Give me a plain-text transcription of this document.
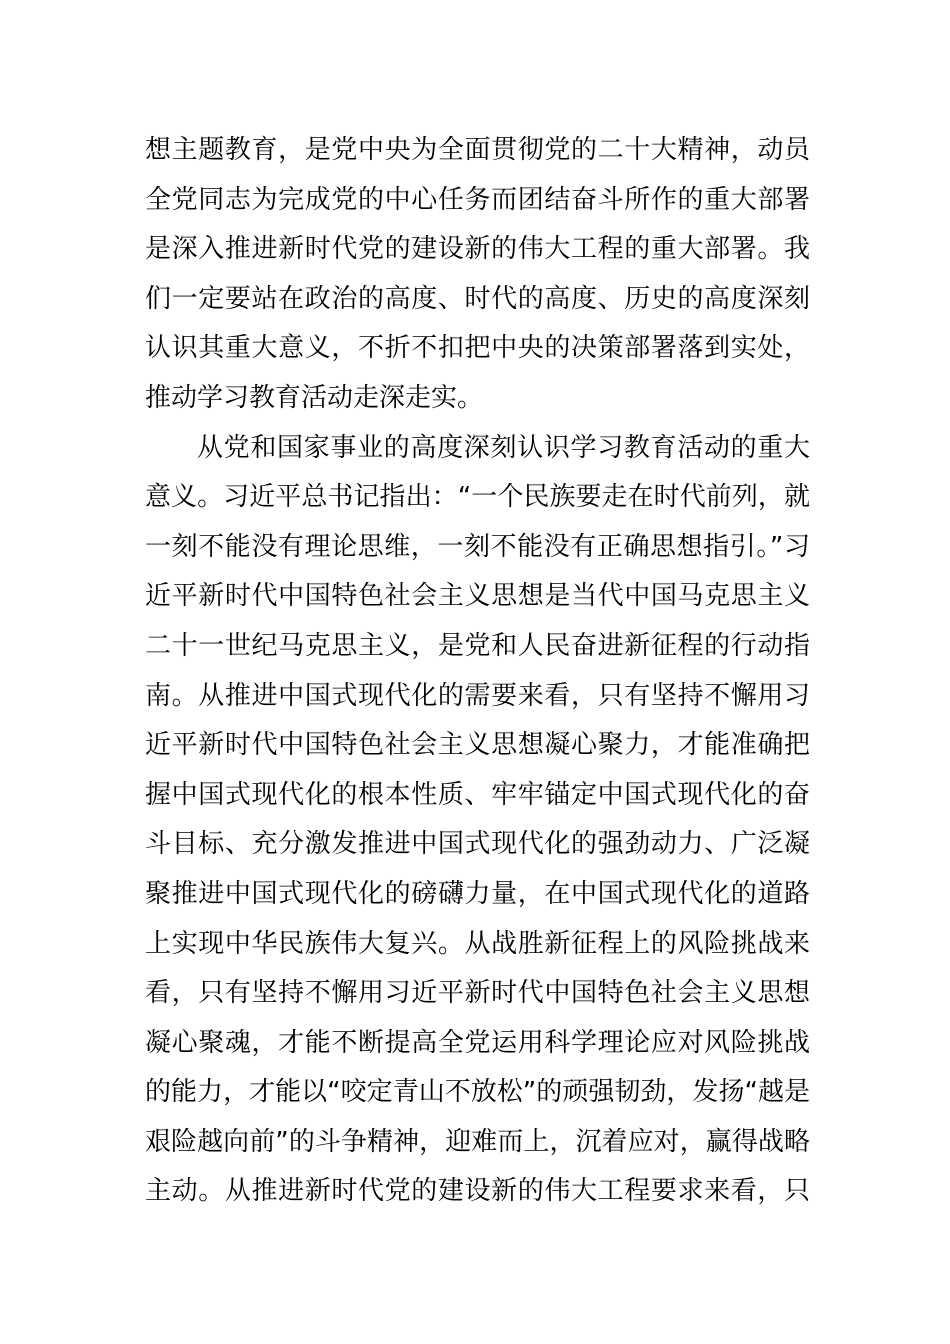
想主题教育，是党中央为全面贯彻党的二十大精神，动员
全党同志为完成党的中心任务而团结奋斗所作的重大部署
是深入推进新时代党的建设新的伟大工程的重大部署。我
们一定要站在政治的高度、时代的高度、历史的高度深刻
认识其重大意义，不折不扣把中央的决策部署落到实处，
推动学习教育活动走深走实。
从党和国家事业的高度深刻认识学习教育活动的重大
意义。习近平总书记指出：“一个民族要走在时代前列，就
一刻不能没有理论思维，一刻不能没有正确思想指引。”习
近平新时代中国特色社会主义思想是当代中国马克思主义
二十一世纪马克思主义，是党和人民奋进新征程的行动指
南。从推进中国式现代化的需要来看，只有坚持不懈用习
近平新时代中国特色社会主义思想凝心聚力，才能准确把
握中国式现代化的根本性质、牢牢锚定中国式现代化的奋
斗目标、充分激发推进中国式现代化的强劲动力、广泛凝
聚推进中国式现代化的磅礴力量，在中国式现代化的道路
上实现中华民族伟大复兴。从战胜新征程上的风险挑战来
看，只有坚持不懈用习近平新时代中国特色社会主义思想
凝心聚魂，才能不断提高全党运用科学理论应对风险挑战
的能力，才能以“咬定青山不放松”的顽强韧劲，发扬“越是
艰险越向前”的斗争精神，迎难而上，沉着应对，赢得战略
主动。从推进新时代党的建设新的伟大工程要求来看，只
